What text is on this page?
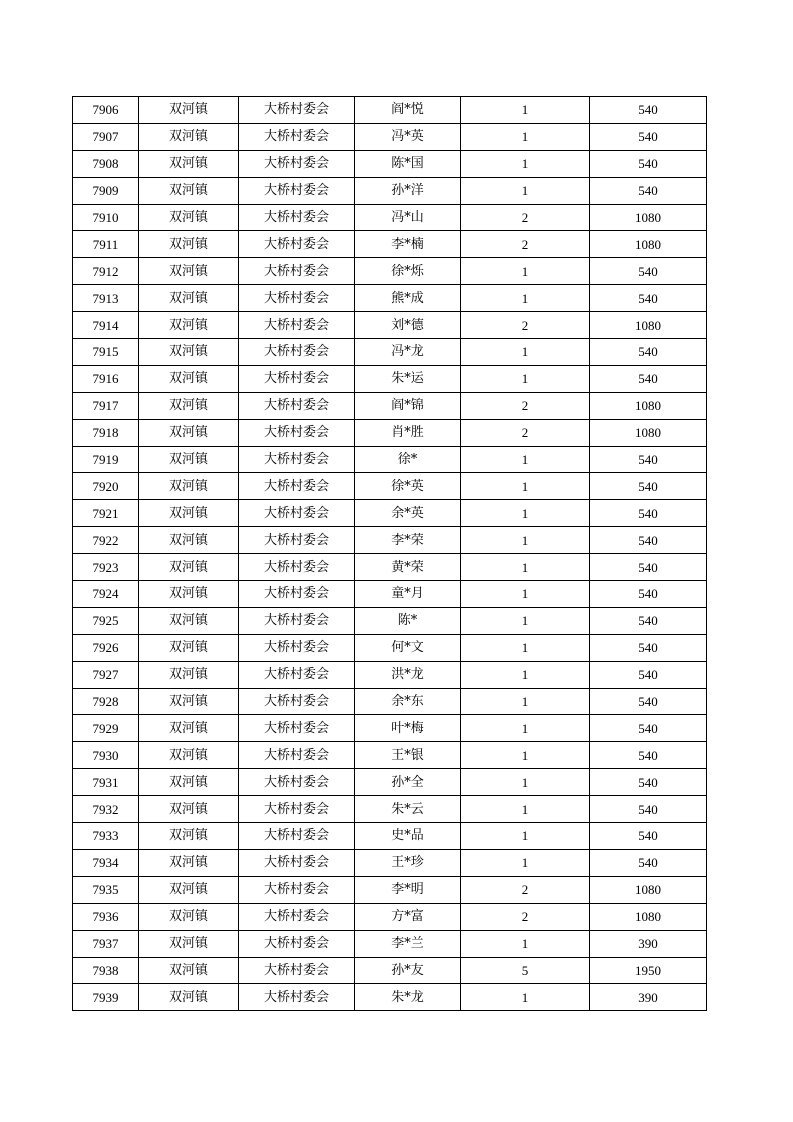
7906	双河镇	大桥村委会	阎*悦	1	540
7907	双河镇	大桥村委会	冯*英	1	540
7908	双河镇	大桥村委会	陈*国	1	540
7909	双河镇	大桥村委会	孙*洋	1	540
7910	双河镇	大桥村委会	冯*山	2	1080
7911	双河镇	大桥村委会	李*楠	2	1080
7912	双河镇	大桥村委会	徐*烁	1	540
7913	双河镇	大桥村委会	熊*成	1	540
7914	双河镇	大桥村委会	刘*德	2	1080
7915	双河镇	大桥村委会	冯*龙	1	540
7916	双河镇	大桥村委会	朱*运	1	540
7917	双河镇	大桥村委会	阎*锦	2	1080
7918	双河镇	大桥村委会	肖*胜	2	1080
7919	双河镇	大桥村委会	徐*	1	540
7920	双河镇	大桥村委会	徐*英	1	540
7921	双河镇	大桥村委会	余*英	1	540
7922	双河镇	大桥村委会	李*荣	1	540
7923	双河镇	大桥村委会	黄*荣	1	540
7924	双河镇	大桥村委会	童*月	1	540
7925	双河镇	大桥村委会	陈*	1	540
7926	双河镇	大桥村委会	何*文	1	540
7927	双河镇	大桥村委会	洪*龙	1	540
7928	双河镇	大桥村委会	余*东	1	540
7929	双河镇	大桥村委会	叶*梅	1	540
7930	双河镇	大桥村委会	王*银	1	540
7931	双河镇	大桥村委会	孙*全	1	540
7932	双河镇	大桥村委会	朱*云	1	540
7933	双河镇	大桥村委会	史*品	1	540
7934	双河镇	大桥村委会	王*珍	1	540
7935	双河镇	大桥村委会	李*明	2	1080
7936	双河镇	大桥村委会	方*富	2	1080
7937	双河镇	大桥村委会	李*兰	1	390
7938	双河镇	大桥村委会	孙*友	5	1950
7939	双河镇	大桥村委会	朱*龙	1	390
